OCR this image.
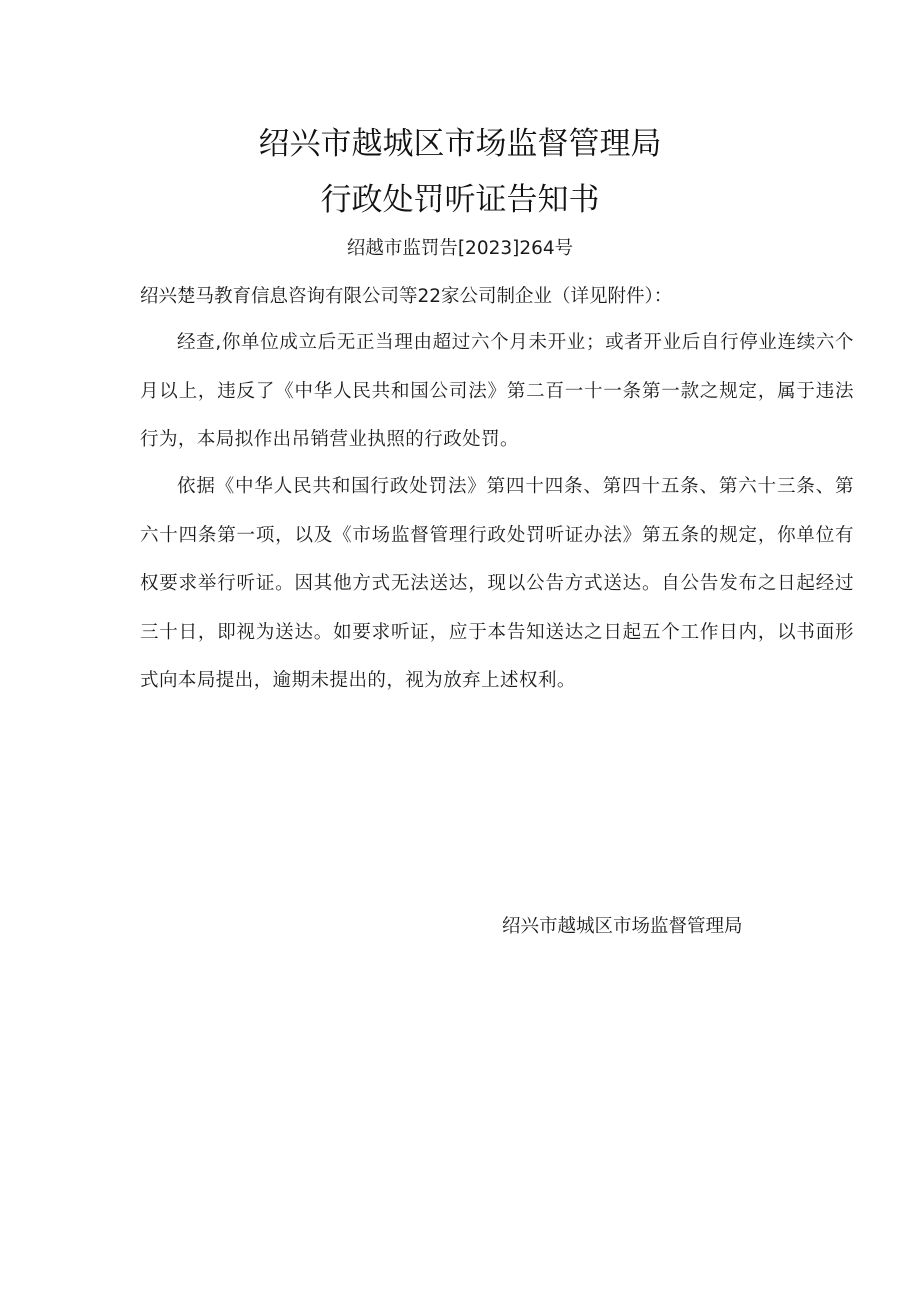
绍兴市越城区市场监督管理局
行政处罚听证告知书

绍越市监罚告[2023]264号

绍兴楚马教育信息咨询有限公司等22家公司制企业（详见附件）：

经查,你单位成立后无正当理由超过六个月未开业；或者开业后自行停业连续六个月以上，违反了《中华人民共和国公司法》第二百一十一条第一款之规定，属于违法行为，本局拟作出吊销营业执照的行政处罚。

依据《中华人民共和国行政处罚法》第四十四条、第四十五条、第六十三条、第六十四条第一项，以及《市场监督管理行政处罚听证办法》第五条的规定，你单位有权要求举行听证。因其他方式无法送达，现以公告方式送达。自公告发布之日起经过三十日，即视为送达。如要求听证，应于本告知送达之日起五个工作日内，以书面形式向本局提出，逾期未提出的，视为放弃上述权利。

绍兴市越城区市场监督管理局
